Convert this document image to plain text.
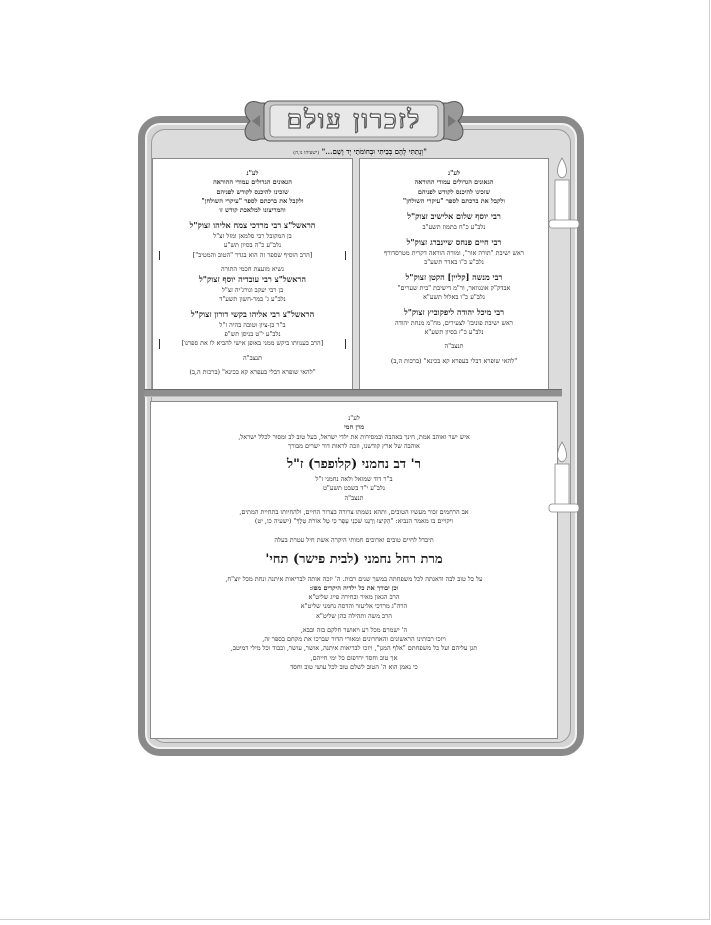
לזכרון עולם
"וְנָתַתִּי לָהֶם בְּבֵיתִי וּבְחוֹמֹתַי יָד וָשֵׁם..." (ישעיהו נו,ה)
לע"נ
הגאונים הגדולים עמודי ההוראה
שזכינו להיכנס לקודש לפניהם
ולקבל את ברכתם לספר "עיקרי השולחן"
רבי יוסף שלום אלישיב זצוק"ל
נלב"ע כ"ח בתמוז תשע"ב
רבי חיים פנחס שיינברג זצוק"ל
ראש ישיבת "תורה אור", ומורה הוראה דקרית מטרסדורף
נלב"ע כ"ו באדר תשע"ב
רבי מנשה [קליין] הקטן זצוק"ל
אבדק"ק אונגוואר, ור"מ דישיבת "בית שערים"
נלב"ע כ"ו באלול תשע"א
רבי מיכל יהודה ליפקוביץ זצוק"ל
ראש ישיבת פוניבז' לצעירים, מח"מ מנחת יהודה
נלב"ע כ"ז בסיון תשע"א
תנצב"ה
"להאי שופרא דבלי בעפרא קא בכינא" (ברכות ה,ב)
לע"נ
הגאונים הגדולים עמודי ההוראה
שזכינו להיכנס לקודש לפניהם
ולקבל את ברכתם לספר "עיקרי השולחן"
והמריצונו למלאכת קודש זו
הראשל"צ רבי מרדכי צמח אליהו זצוק"ל
בן המקובל רבי סלמאן ומזל זצ"ל
נלב"ע כ"ה בסיון תש"ע
[הרב הוסיף שספר זה הוא בגדר "הטוב והמטיב"]
נשיא מועצת חכמי התורה
הראשל"צ רבי עובדיה יוסף זצוק"ל
בן רבי יעקב וגורג'יה זצ"ל
נלב"ע ג' במר-חשון תשע"ד
הראשל"צ רבי אליהו בקשי דורון זצוק"ל
ב"ר בן-ציון וטובה בהיה ז"ל
נלב"ע י"ט בניסן תש"פ
[הרב בענוותו ביקש ממני באופן אישי להביא לו את ספרנו]
תנצב"ה
"להאי שופרא דבלי בעפרא קא בכינא" (ברכות ה,ב)
לע"נ
מרן חמי
איש ישר ואוהב אמת, חינך באהבה ובמסירות את ילדי ישראל, בעל טוב לב ומסור לכלל ישראל,
אוהבה של ארץ קודשנו, וזכה לראות דור ישרים מבורך
ר' דב נחמני (קלופפר) ז"ל
ב"ר דוד שמואל ולאה נחמני ז"ל
נלב"ע י"ד בשבט תשע"ט
תנצב"ה
אב הרחמים זכור מעשיו הטובים, ותהא נשמתו צרורה בצרור החיים, ולהחיותו בתחיית המתים,
ויקויים בו מאמר הנביא: "הָקִיצוּ וְרַנְּנוּ שֹׁכְנֵי עָפָר כִּי טַל אוֹרֹת טַלֶּךָ" (ישעיה כו, יט)
תיבדל לחיים טובים וארוכים חמותי היקרה אשת חיל עטרת בעלה
מרת רחל נחמני (לבית פישר) תחי'
על כל טוב לבה ודאגתה לכל משפחתה במשך שנים רבות. ה' יזכה אותה לבריאות איתנה ונחת מכל יוצ"ח,
וכן יבורך את כל ילדיה היקרים מפז:
הרב הגאון מאיר ובחירה פייג שליט"א
הרה"ג מרדכי אליעזר והדסה נחמני שליט"א
הרב משה ותהילה כהן שליט"א
ה' ישמרם מכל רע ויאושר חלקם בזה ובבא,
ויזכו רבותינו הראשונים והאחרונים ומאורי הדור שברכו את מקחם בספר זה,
תגן עליהם ועל כל משפחתם "אלף המגן", ויזכו לבריאות איתנה, אושר, עושר, וכבוד וכל מילי דמיטב,
אך טוב וחסד ירדפום כל ימי חייהם,
כי נאמן הוא ה' הטוב לשלם טוב לכל עושי טוב וחסד
